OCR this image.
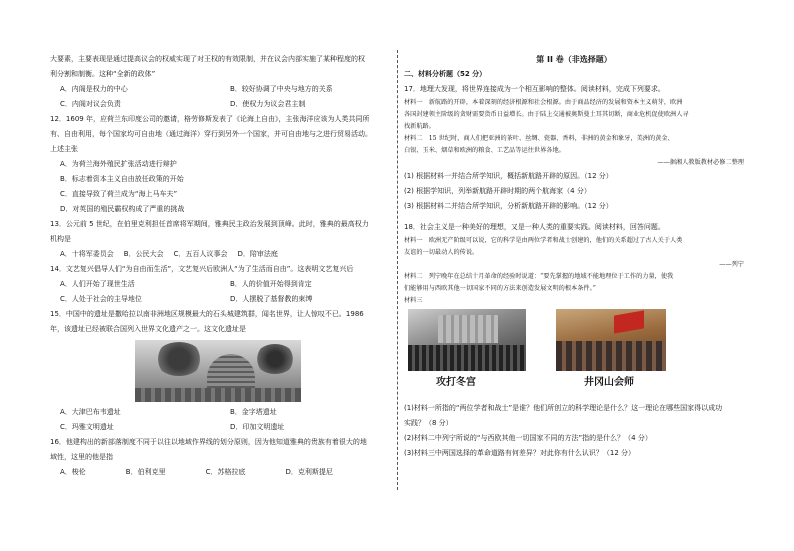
大要素，主要表现是通过提高议会的权威实现了对王权的有效限制，并在议会内部实施了某种程度的权
利分割和制衡。这种“全新的政体”
A．内阁是权力的中心	B．较好协调了中央与地方的关系
C．内阁对议会负责	D．使权力为议会君主制
12．1609 年，应荷兰东印度公司的邀请，格劳修斯发表了《论海上自由》，主张海洋应该为人类共同所
有、自由利用，每个国家均可自由地（通过海洋）穿行到另外一个国家，并可自由地与之进行贸易活动。
上述主张
A．为荷兰海外殖民扩张活动进行辩护
B．标志着资本主义自由放任政策的开始
C．直接导致了荷兰成为“海上马车夫”
D．对英国的殖民霸权构成了严重的挑战
13．公元前 5 世纪，在伯里克利担任首席将军期间，雅典民主政治发展到顶峰。此时，雅典的最高权力
机构是
A．十将军委员会 B．公民大会 C．五百人议事会 D．陪审法庭
14．文艺复兴倡导人们“为自由而生活”，文艺复兴后欧洲人“为了生活而自由”。这表明文艺复兴后
A．人们开始了现世生活	B．人的价值开始得到肯定
C．人处于社会的主导地位	D．人摆脱了基督教的束缚
15．中国中的遗址是撒哈拉以南非洲地区规模最大的石头城建筑群，闻名世界，让人惊叹不已。1986
年，该遗址已经被联合国列入世界文化遗产之一。这文化遗址是
A．大津巴布韦遗址	B．金字塔遗址
C．玛雅文明遗址	D．印加文明遗址
16．他建构出的新部落制度不同于以往以地域作界线的划分原则，因为他知道雅典的贵族有着很大的地
域性，这里的他是指
A．梭伦	B．伯利克里	C．苏格拉底	D．克利斯提尼
第 II 卷（非选择题）
二、材料分析题（52 分）
17．地理大发现，将世界连接成为一个相互影响的整体。阅读材料，完成下列要求。
材料一　新航路的开辟，本着深刻的经济根源和社会根源。由于商品经济的发展和资本主义萌芽，欧洲
各国封建领主阶级的贪财需要货币日益增长。由于陆上交通被奥斯曼土耳其切断，商业危机促使欧洲人寻
找新航路。
材料二　15 世纪时，商人们把亚洲的茶叶、丝绸、瓷器、香料，非洲的黄金和象牙，美洲的黄金、
白银、玉米、烟草和欧洲的粮食、工艺品等运往世界各地。
——据湘人教版教材必修二整理
(1) 根据材料一并结合所学知识，概括新航路开辟的原因。（12 分）
(2) 根据学知识，列举新航路开辟时期的两个航海家（4 分）
(3) 根据材料二并结合所学知识，分析新航路开辟的影响。（12 分）
18．社会主义是一种美好的理想，又是一种人类的重要实践。阅读材料，回答问题。
材料一　欧洲无产阶级可以说，它的科学是由两位学者和战士创建的，他们的关系超过了古人关于人类
友谊的一切最动人的传说。
——列宁
材料二　列宁晚年在总结十月革命的经验时说道：“要先掌握的地域不能地理位于工作的力量，使我
们能够用与西欧其他一切国家不同的方法来创造发展文明的根本条件。”
材料三
攻打冬宫	井冈山会师
(1)材料一所指的“两位学者和战士”是谁？他们所创立的科学理论是什么？这一理论在哪些国家得以成功
实践？（8 分）
(2)材料二中列宁所说的“与西欧其他一切国家不同的方法”指的是什么？（4 分）
(3)材料三中两国选择的革命道路有何差异？对此你有什么认识？（12 分）
